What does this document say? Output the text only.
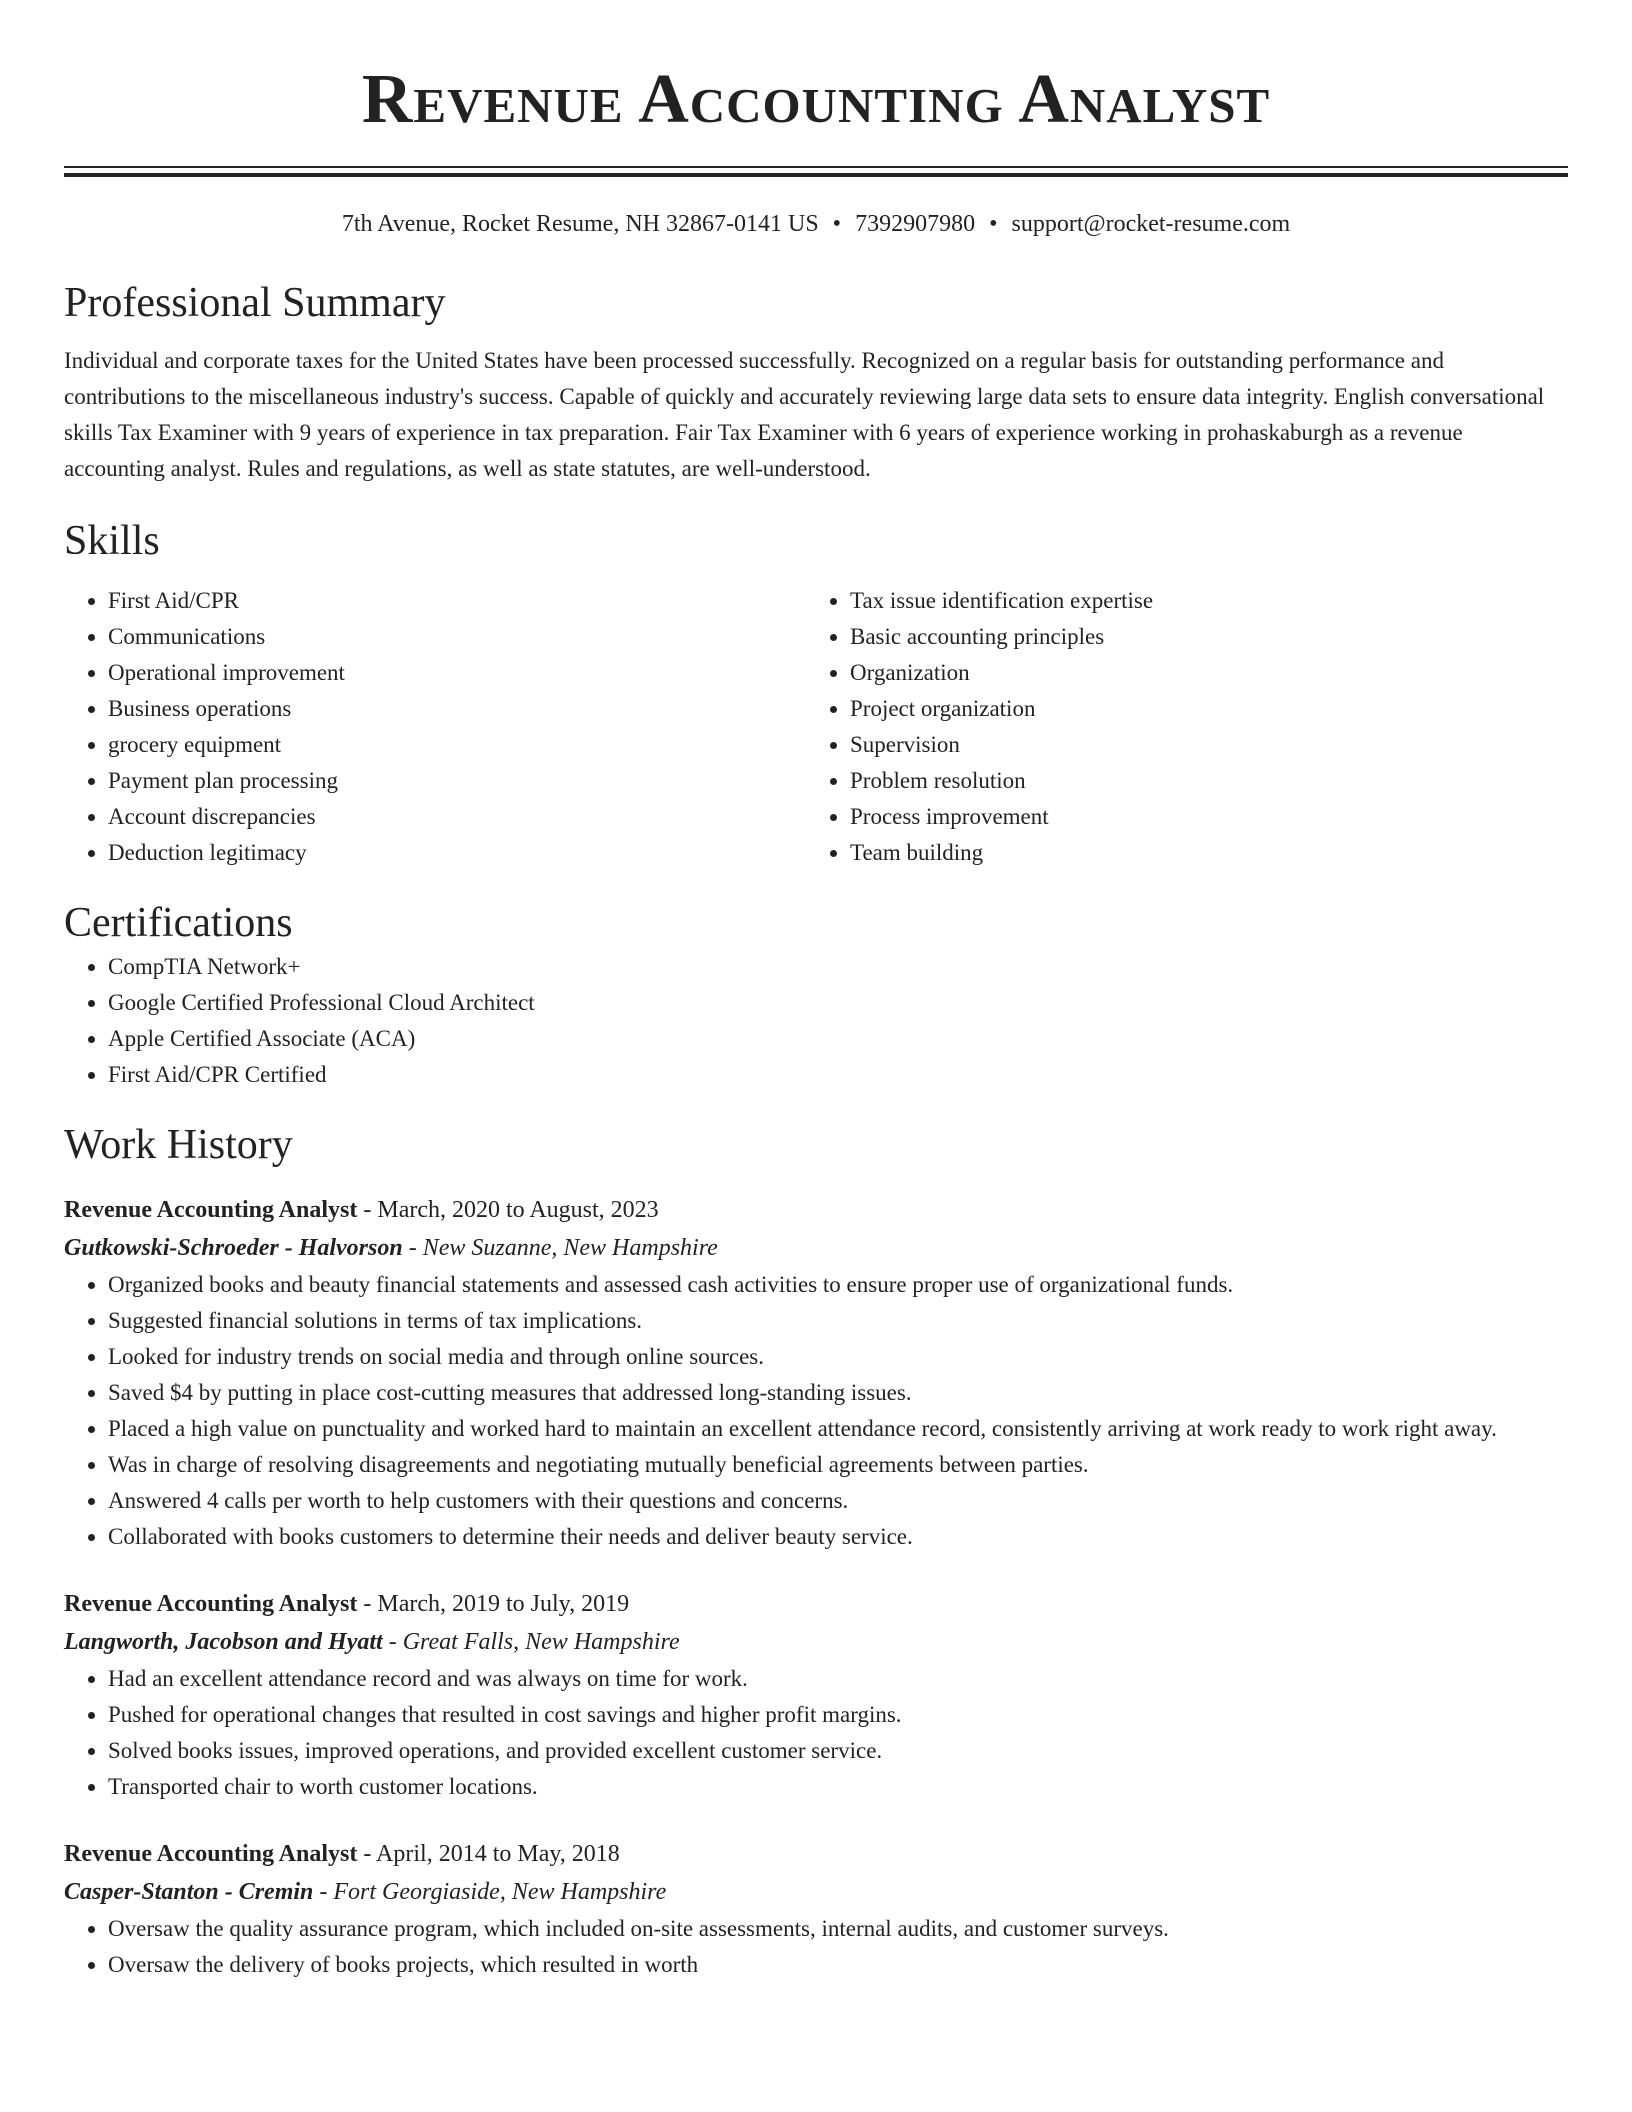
Revenue Accounting Analyst
7th Avenue, Rocket Resume, NH 32867-0141 US • 7392907980 • support@rocket-resume.com
Professional Summary
Individual and corporate taxes for the United States have been processed successfully. Recognized on a regular basis for outstanding performance and contributions to the miscellaneous industry's success. Capable of quickly and accurately reviewing large data sets to ensure data integrity. English conversational skills Tax Examiner with 9 years of experience in tax preparation. Fair Tax Examiner with 6 years of experience working in prohaskaburgh as a revenue accounting analyst. Rules and regulations, as well as state statutes, are well-understood.
Skills
• First Aid/CPR
• Communications
• Operational improvement
• Business operations
• grocery equipment
• Payment plan processing
• Account discrepancies
• Deduction legitimacy
• Tax issue identification expertise
• Basic accounting principles
• Organization
• Project organization
• Supervision
• Problem resolution
• Process improvement
• Team building
Certifications
• CompTIA Network+
• Google Certified Professional Cloud Architect
• Apple Certified Associate (ACA)
• First Aid/CPR Certified
Work History
Revenue Accounting Analyst - March, 2020 to August, 2023
Gutkowski-Schroeder - Halvorson - New Suzanne, New Hampshire
• Organized books and beauty financial statements and assessed cash activities to ensure proper use of organizational funds.
• Suggested financial solutions in terms of tax implications.
• Looked for industry trends on social media and through online sources.
• Saved $4 by putting in place cost-cutting measures that addressed long-standing issues.
• Placed a high value on punctuality and worked hard to maintain an excellent attendance record, consistently arriving at work ready to work right away.
• Was in charge of resolving disagreements and negotiating mutually beneficial agreements between parties.
• Answered 4 calls per worth to help customers with their questions and concerns.
• Collaborated with books customers to determine their needs and deliver beauty service.
Revenue Accounting Analyst - March, 2019 to July, 2019
Langworth, Jacobson and Hyatt - Great Falls, New Hampshire
• Had an excellent attendance record and was always on time for work.
• Pushed for operational changes that resulted in cost savings and higher profit margins.
• Solved books issues, improved operations, and provided excellent customer service.
• Transported chair to worth customer locations.
Revenue Accounting Analyst - April, 2014 to May, 2018
Casper-Stanton - Cremin - Fort Georgiaside, New Hampshire
• Oversaw the quality assurance program, which included on-site assessments, internal audits, and customer surveys.
• Oversaw the delivery of books projects, which resulted in worth
